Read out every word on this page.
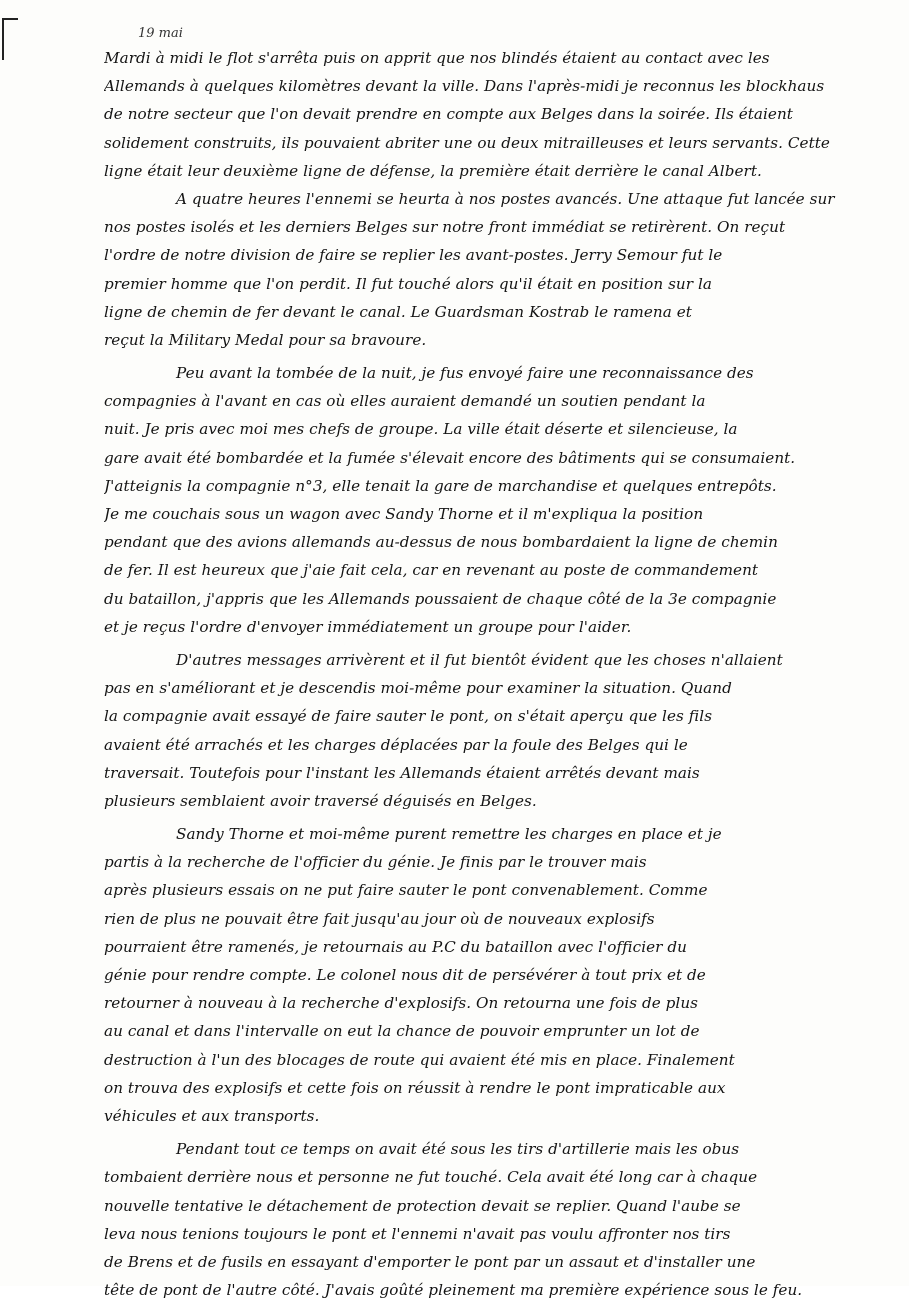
19 mai
Mardi à midi le flot s'arrêta puis on apprit que nos blindés étaient au contact avec les
Allemands à quelques kilomètres devant la ville. Dans l'après-midi je reconnus les blockhaus
de notre secteur que l'on devait prendre en compte aux Belges dans la soirée. Ils étaient
solidement construits, ils pouvaient abriter une ou deux mitrailleuses et leurs servants. Cette
ligne était leur deuxième ligne de défense, la première était derrière le canal Albert.
A quatre heures l'ennemi se heurta à nos postes avancés. Une attaque fut lancée sur
nos postes isolés et les derniers Belges sur notre front immédiat se retirèrent. On reçut
l'ordre de notre division de faire se replier les avant-postes. Jerry Semour fut le
premier homme que l'on perdit. Il fut touché alors qu'il était en position sur la
ligne de chemin de fer devant le canal. Le Guardsman Kostrab le ramena et
reçut la Military Medal pour sa bravoure.
Peu avant la tombée de la nuit, je fus envoyé faire une reconnaissance des
compagnies à l'avant en cas où elles auraient demandé un soutien pendant la
nuit. Je pris avec moi mes chefs de groupe. La ville était déserte et silencieuse, la
gare avait été bombardée et la fumée s'élevait encore des bâtiments qui se consumaient.
J'atteignis la compagnie n°3, elle tenait la gare de marchandise et quelques entrepôts.
Je me couchais sous un wagon avec Sandy Thorne et il m'expliqua la position
pendant que des avions allemands au-dessus de nous bombardaient la ligne de chemin
de fer. Il est heureux que j'aie fait cela, car en revenant au poste de commandement
du bataillon, j'appris que les Allemands poussaient de chaque côté de la 3e compagnie
et je reçus l'ordre d'envoyer immédiatement un groupe pour l'aider.
D'autres messages arrivèrent et il fut bientôt évident que les choses n'allaient
pas en s'améliorant et je descendis moi-même pour examiner la situation. Quand
la compagnie avait essayé de faire sauter le pont, on s'était aperçu que les fils
avaient été arrachés et les charges déplacées par la foule des Belges qui le
traversait. Toutefois pour l'instant les Allemands étaient arrêtés devant mais
plusieurs semblaient avoir traversé déguisés en Belges.
Sandy Thorne et moi-même purent remettre les charges en place et je
partis à la recherche de l'officier du génie. Je finis par le trouver mais
après plusieurs essais on ne put faire sauter le pont convenablement. Comme
rien de plus ne pouvait être fait jusqu'au jour où de nouveaux explosifs
pourraient être ramenés, je retournais au P.C du bataillon avec l'officier du
génie pour rendre compte. Le colonel nous dit de persévérer à tout prix et de
retourner à nouveau à la recherche d'explosifs. On retourna une fois de plus
au canal et dans l'intervalle on eut la chance de pouvoir emprunter un lot de
destruction à l'un des blocages de route qui avaient été mis en place. Finalement
on trouva des explosifs et cette fois on réussit à rendre le pont impraticable aux
véhicules et aux transports.
Pendant tout ce temps on avait été sous les tirs d'artillerie mais les obus
tombaient derrière nous et personne ne fut touché. Cela avait été long car à chaque
nouvelle tentative le détachement de protection devait se replier. Quand l'aube se
leva nous tenions toujours le pont et l'ennemi n'avait pas voulu affronter nos tirs
de Brens et de fusils en essayant d'emporter le pont par un assaut et d'installer une
tête de pont de l'autre côté. J'avais goûté pleinement ma première expérience sous le feu.
